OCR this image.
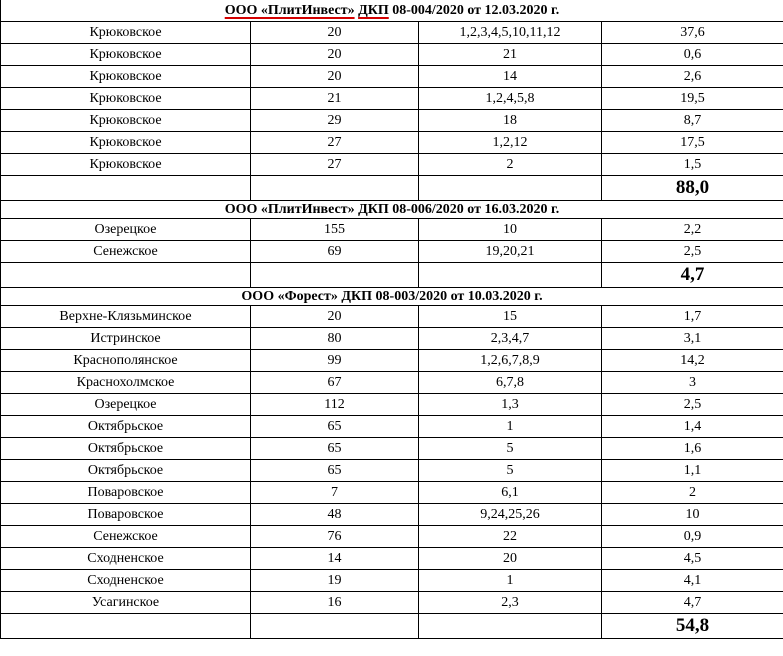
ООО «ПлитИнвест» ДКП 08-004/2020 от 12.03.2020 г.			
Крюковское	20	1,2,3,4,5,10,11,12	37,6
Крюковское	20	21	0,6
Крюковское	20	14	2,6
Крюковское	21	1,2,4,5,8	19,5
Крюковское	29	18	8,7
Крюковское	27	1,2,12	17,5
Крюковское	27	2	1,5
			88,0
ООО «ПлитИнвест» ДКП 08-006/2020 от 16.03.2020 г.			
Озерецкое	155	10	2,2
Сенежское	69	19,20,21	2,5
			4,7
ООО «Форест» ДКП 08-003/2020 от 10.03.2020 г.			
Верхне-Клязьминское	20	15	1,7
Истринское	80	2,3,4,7	3,1
Краснополянское	99	1,2,6,7,8,9	14,2
Краснохолмское	67	6,7,8	3
Озерецкое	112	1,3	2,5
Октябрьское	65	1	1,4
Октябрьское	65	5	1,6
Октябрьское	65	5	1,1
Поваровское	7	6,1	2
Поваровское	48	9,24,25,26	10
Сенежское	76	22	0,9
Сходненское	14	20	4,5
Сходненское	19	1	4,1
Усагинское	16	2,3	4,7
			54,8
